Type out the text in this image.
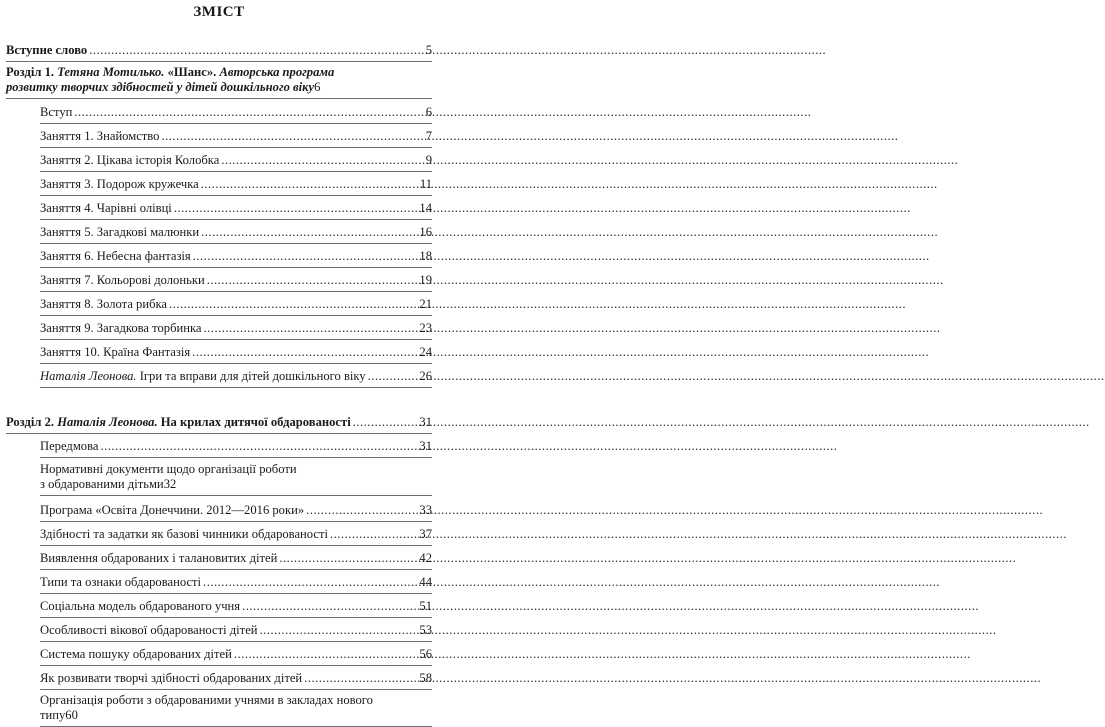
ЗМІСТ
Вступне слово .....	5
Розділ 1. Тетяна Мотилько. «Шанс». Авторська програма
розвитку творчих здібностей у дітей дошкільного віку 6
Вступ .....	6
Заняття 1. Знайомство .....	7
Заняття 2. Цікава історія Колобка .....	9
Заняття 3. Подорож кружечка .....	11
Заняття 4. Чарівні олівці .....	14
Заняття 5. Загадкові малюнки .....	16
Заняття 6. Небесна фантазія .....	18
Заняття 7. Кольорові долоньки .....	19
Заняття 8. Золота рибка .....	21
Заняття 9. Загадкова торбинка .....	23
Заняття 10. Країна Фантазія .....	24
Наталія Леонова. Ігри та вправи для дітей дошкільного віку .....	26
Розділ 2. Наталія Леонова. На крилах дитячої обдарованості .....	31
Передмова .....	31
Нормативні документи щодо організації роботи
з обдарованими дітьми 32
Програма «Освіта Донеччини. 2012—2016 роки» .....	33
Здібності та задатки як базові чинники обдарованості .....	37
Виявлення обдарованих і талановитих дітей .....	42
Типи та ознаки обдарованості .....	44
Соціальна модель обдарованого учня .....	51
Особливості вікової обдарованості дітей .....	53
Система пошуку обдарованих дітей .....	56
Як розвивати творчі здібності обдарованих дітей .....	58
Організація роботи з обдарованими учнями в закладах нового
типу 60
